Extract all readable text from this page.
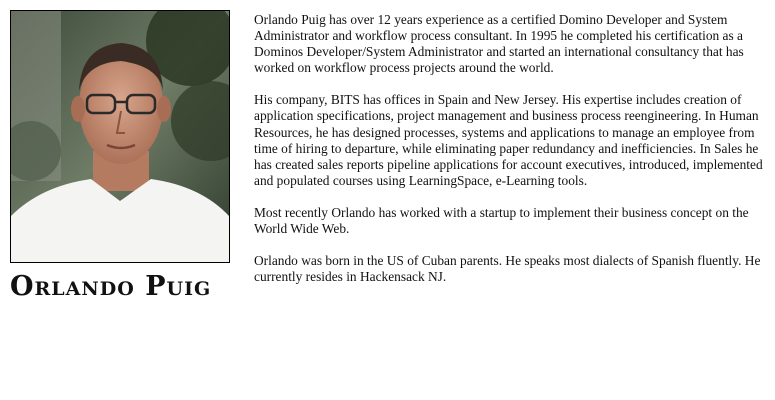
Orlando Puig

Orlando Puig has over 12 years experience as a certified Domino Developer and System Administrator and workflow process consultant. In 1995 he completed his certification as a Dominos Developer/System Administrator and started an international consultancy that has worked on workflow process projects around the world.

His company, BITS has offices in Spain and New Jersey. His expertise includes creation of application specifications, project management and business process reengineering. In Human Resources, he has designed processes, systems and applications to manage an employee from time of hiring to departure, while eliminating paper redundancy and inefficiencies. In Sales he has created sales reports pipeline applications for account executives, introduced, implemented and populated courses using LearningSpace, e-Learning tools.

Most recently Orlando has worked with a startup to implement their business concept on the World Wide Web.

Orlando was born in the US of Cuban parents. He speaks most dialects of Spanish fluently. He currently resides in Hackensack NJ.
